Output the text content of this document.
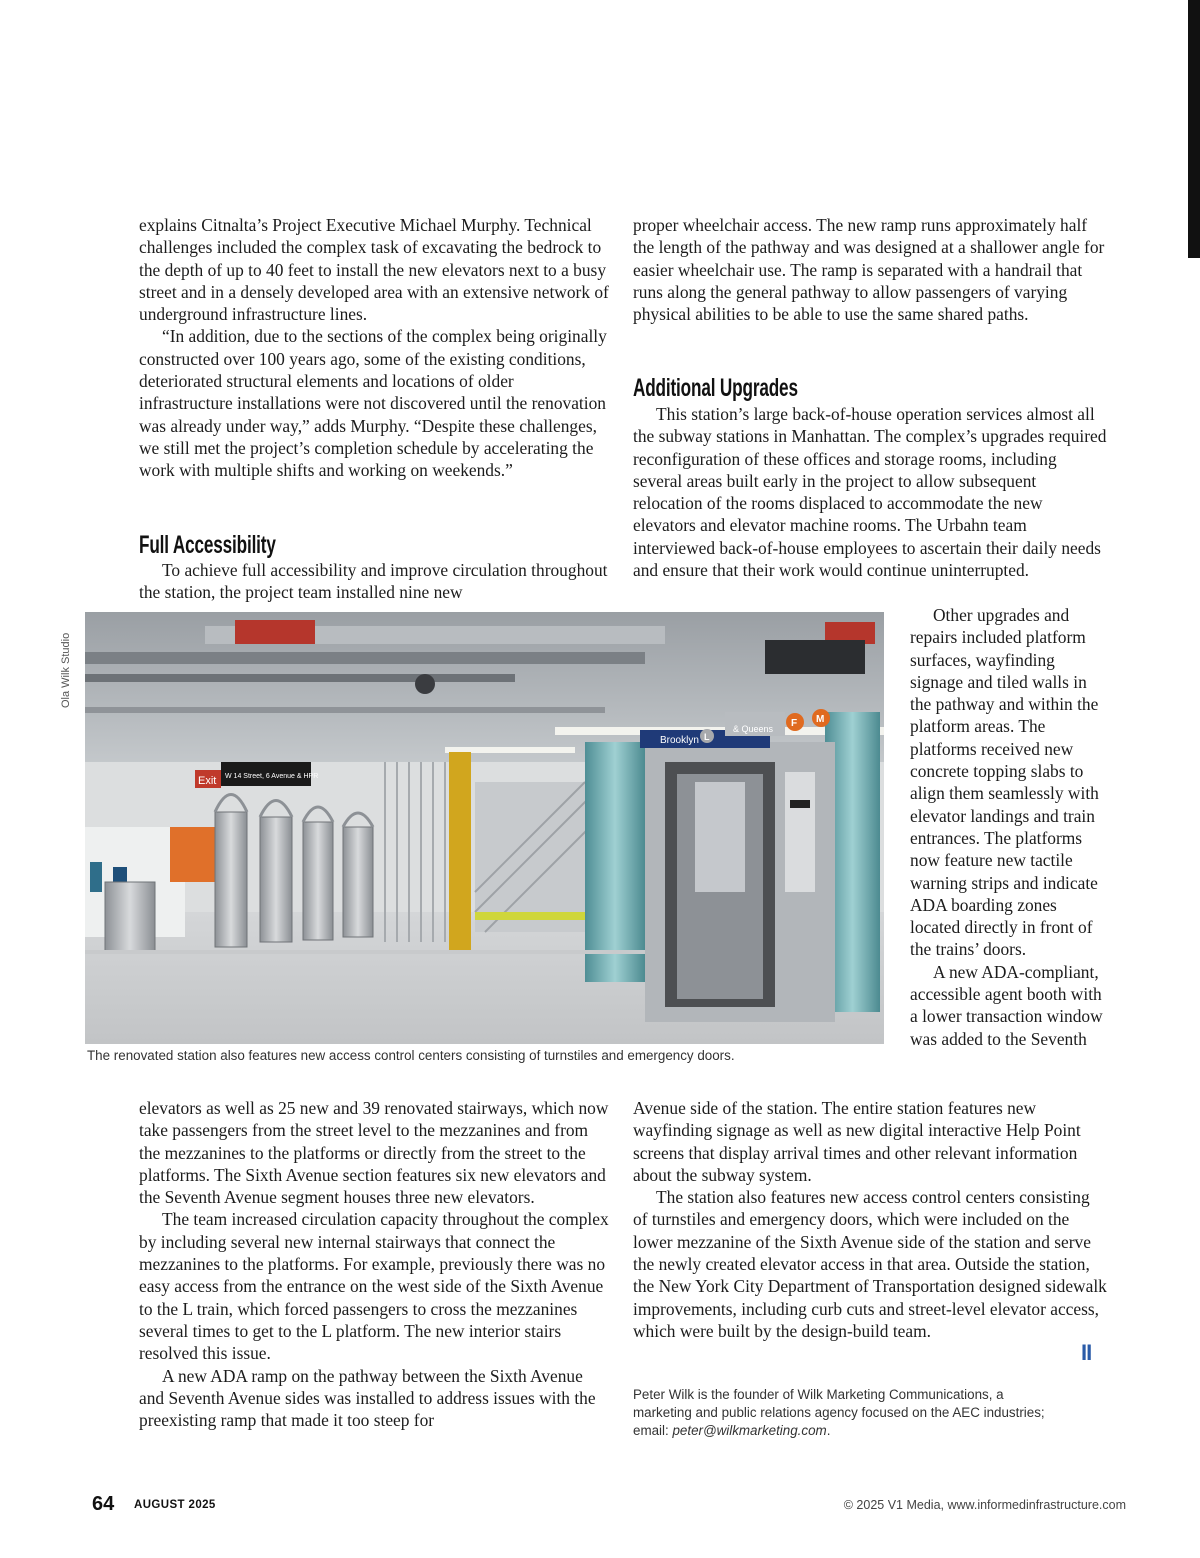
explains Citnalta’s Project Executive Michael Murphy. Technical challenges included the complex task of excavating the bedrock to the depth of up to 40 feet to install the new elevators next to a busy street and in a densely developed area with an extensive network of underground infrastructure lines.

“In addition, due to the sections of the complex being originally constructed over 100 years ago, some of the existing conditions, deteriorated structural elements and locations of older infrastructure installations were not discovered until the renovation was already under way,” adds Murphy. “Despite these challenges, we still met the project’s completion schedule by accelerating the work with multiple shifts and working on weekends.”

Full Accessibility

To achieve full accessibility and improve circulation throughout the station, the project team installed nine new

proper wheelchair access. The new ramp runs approximately half the length of the pathway and was designed at a shallower angle for easier wheelchair use. The ramp is separated with a handrail that runs along the general pathway to allow passengers of varying physical abilities to be able to use the same shared paths.

Additional Upgrades

This station’s large back-of-house operation services almost all the subway stations in Manhattan. The complex’s upgrades required reconfiguration of these offices and storage rooms, including several areas built early in the project to allow subsequent relocation of the rooms displaced to accommodate the new elevators and elevator machine rooms. The Urbahn team interviewed back-of-house employees to ascertain their daily needs and ensure that their work would continue uninterrupted.

Other upgrades and repairs included platform surfaces, wayfinding signage and tiled walls in the pathway and within the platform areas. The platforms received new concrete topping slabs to align them seamlessly with elevator landings and train entrances. The platforms now feature new tactile warning strips and indicate ADA boarding zones located directly in front of the trains’ doors.

A new ADA-compliant, accessible agent booth with a lower transaction window was added to the Seventh

Ola Wilk Studio
Exit W 14 Street, 6 Avenue & HPR
Brooklyn L
& Queens F M
The renovated station also features new access control centers consisting of turnstiles and emergency doors.

elevators as well as 25 new and 39 renovated stairways, which now take passengers from the street level to the mezzanines and from the mezzanines to the platforms or directly from the street to the platforms. The Sixth Avenue section features six new elevators and the Seventh Avenue segment houses three new elevators.

The team increased circulation capacity throughout the complex by including several new internal stairways that connect the mezzanines to the platforms. For example, previously there was no easy access from the entrance on the west side of the Sixth Avenue to the L train, which forced passengers to cross the mezzanines several times to get to the L platform. The new interior stairs resolved this issue.

A new ADA ramp on the pathway between the Sixth Avenue and Seventh Avenue sides was installed to address issues with the preexisting ramp that made it too steep for

Avenue side of the station. The entire station features new wayfinding signage as well as new digital interactive Help Point screens that display arrival times and other relevant information about the subway system.

The station also features new access control centers consisting of turnstiles and emergency doors, which were included on the lower mezzanine of the Sixth Avenue side of the station and serve the newly created elevator access in that area. Outside the station, the New York City Department of Transportation designed sidewalk improvements, including curb cuts and street-level elevator access, which were built by the design-build team.

II
Peter Wilk is the founder of Wilk Marketing Communications, a marketing and public relations agency focused on the AEC industries; email: peter@wilkmarketing.com.
64 AUGUST 2025	© 2025 V1 Media, www.informedinfrastructure.com
